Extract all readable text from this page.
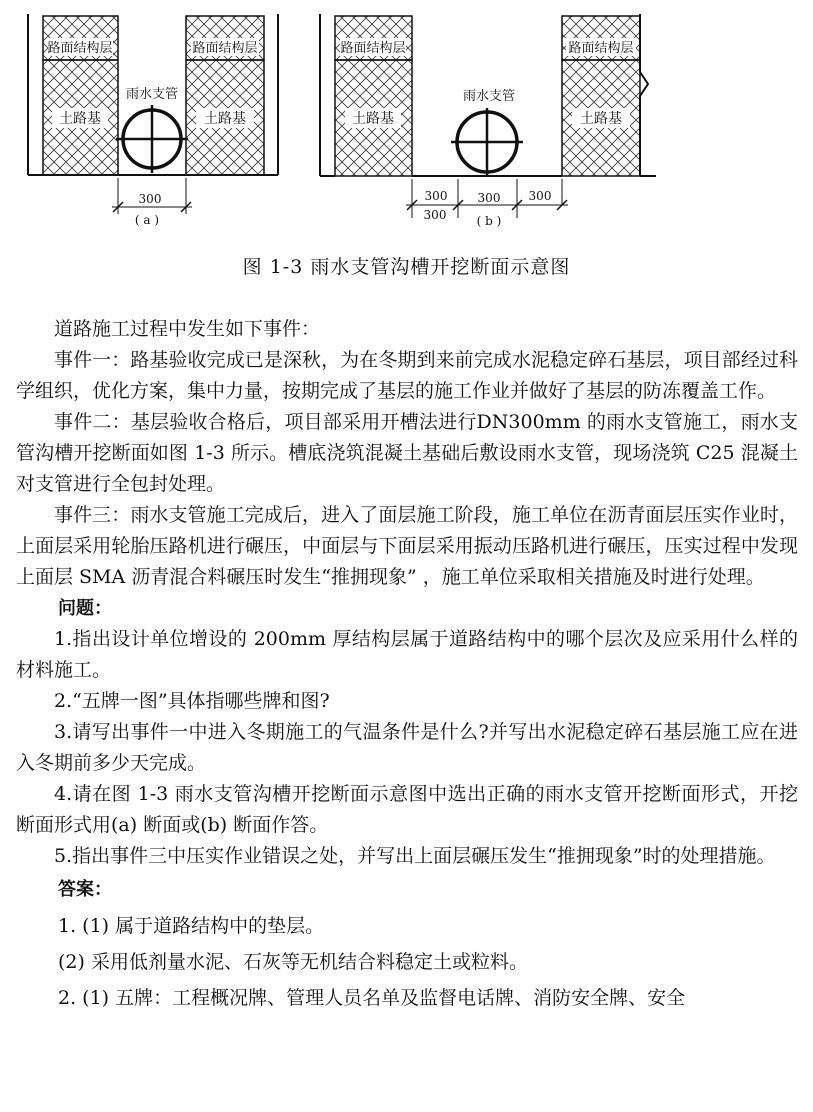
路面结构层	路面结构层
土路基	土路基
雨水支管
300
( a )
路面结构层	路面结构层
土路基	土路基
雨水支管
300	300 300
300	( b )
图 1-3 雨水支管沟槽开挖断面示意图

道路施工过程中发生如下事件：

事件一：路基验收完成已是深秋，为在冬期到来前完成水泥稳定碎石基层，项目部经过科学组织，优化方案，集中力量，按期完成了基层的施工作业并做好了基层的防冻覆盖工作。

事件二：基层验收合格后，项目部采用开槽法进行DN300mm 的雨水支管施工，雨水支管沟槽开挖断面如图 1-3 所示。槽底浇筑混凝土基础后敷设雨水支管，现场浇筑 C25 混凝土对支管进行全包封处理。

事件三：雨水支管施工完成后，进入了面层施工阶段，施工单位在沥青面层压实作业时，上面层采用轮胎压路机进行碾压，中面层与下面层采用振动压路机进行碾压，压实过程中发现上面层 SMA 沥青混合料碾压时发生“推拥现象” ，施工单位采取相关措施及时进行处理。

问题：

1.指出设计单位增设的 200mm 厚结构层属于道路结构中的哪个层次及应采用什么样的材料施工。

2.“五牌一图”具体指哪些牌和图?

3.请写出事件一中进入冬期施工的气温条件是什么?并写出水泥稳定碎石基层施工应在进入冬期前多少天完成。

4.请在图 1-3 雨水支管沟槽开挖断面示意图中选出正确的雨水支管开挖断面形式，开挖断面形式用(a) 断面或(b) 断面作答。

5.指出事件三中压实作业错误之处，并写出上面层碾压发生“推拥现象”时的处理措施。

答案：

1. (1) 属于道路结构中的垫层。

(2) 采用低剂量水泥、石灰等无机结合料稳定土或粒料。

2. (1) 五牌：工程概况牌、管理人员名单及监督电话牌、消防安全牌、安全
